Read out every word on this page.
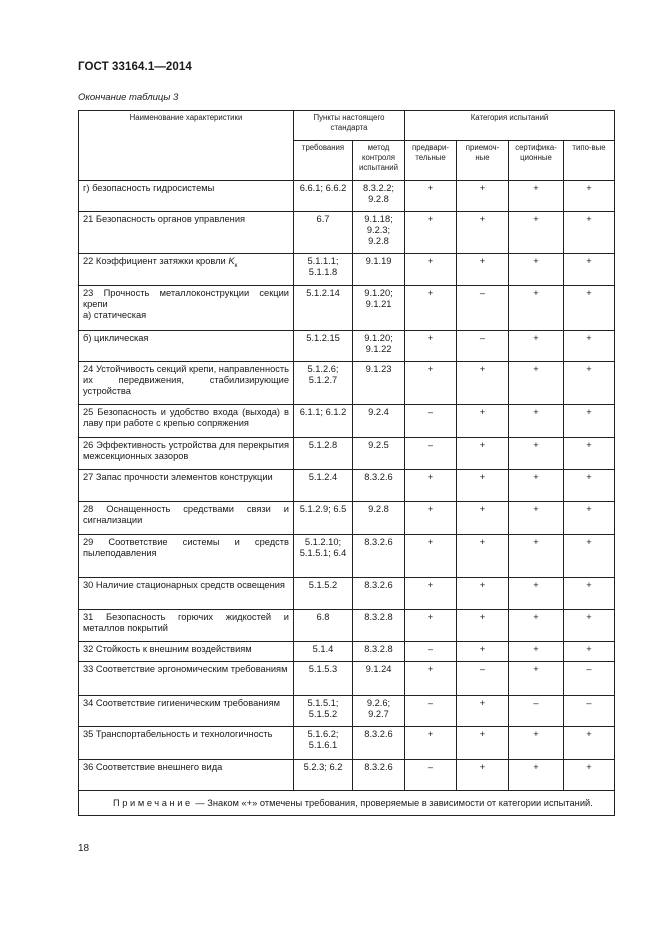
ГОСТ 33164.1—2014
Окончание таблицы 3
Наименование характеристики	Пункты настоящего стандарта		Категория испытаний			
	требования	метод контроля испытаний	предвари-тельные	приемоч-ные	сертифика-ционные	типо-вые
г) безопасность гидросистемы	6.6.1; 6.6.2	8.3.2.2; 9.2.8	+	+	+	+
21 Безопасность органов управления	6.7	9.1.18; 9.2.3; 9.2.8	+	+	+	+
22 Коэффициент затяжки кровли $K_к$	5.1.1.1; 5.1.1.8	9.1.19	+	+	+	+

23 Прочность металлоконструкции секции крепи
а) статическая	5.1.2.14	9.1.20; 9.1.21	+	–	+	+
б) циклическая	5.1.2.15	9.1.20; 9.1.22	+	–	+	+
24 Устойчивость секций крепи, направленность их передвижения, стабилизирующие устройства	5.1.2.6; 5.1.2.7	9.1.23	+	+	+	+
25 Безопасность и удобство входа (выхода) в лаву при работе с крепью сопряжения	6.1.1; 6.1.2	9.2.4	–	+	+	+
26 Эффективность устройства для перекрытия межсекционных зазоров	5.1.2.8	9.2.5	–	+	+	+
27 Запас прочности элементов конструкции	5.1.2.4	8.3.2.6	+	+	+	+
28 Оснащенность средствами связи и сигнализации	5.1.2.9; 6.5	9.2.8	+	+	+	+
29 Соответствие системы и средств пылеподавления	5.1.2.10; 5.1.5.1; 6.4	8.3.2.6	+	+	+	+
30 Наличие стационарных средств освещения	5.1.5.2	8.3.2.6	+	+	+	+
31 Безопасность горючих жидкостей и металлов покрытий	6.8	8.3.2.8	+	+	+	+
32 Стойкость к внешним воздействиям	5.1.4	8.3.2.8	–	+	+	+
33 Соответствие эргономическим требованиям	5.1.5.3	9.1.24	+	–	+	–
34 Соответствие гигиеническим требованиям	5.1.5.1; 5.1.5.2	9.2.6; 9.2.7	–	+	–	–
35 Транспортабельность и технологичность	5.1.6.2; 5.1.6.1	8.3.2.6	+	+	+	+
36 Соответствие внешнего вида	5.2.3; 6.2	8.3.2.6	–	+	+	+
Примечание — Знаком «+» отмечены требования, проверяемые в зависимости от категории испытаний.						
18
